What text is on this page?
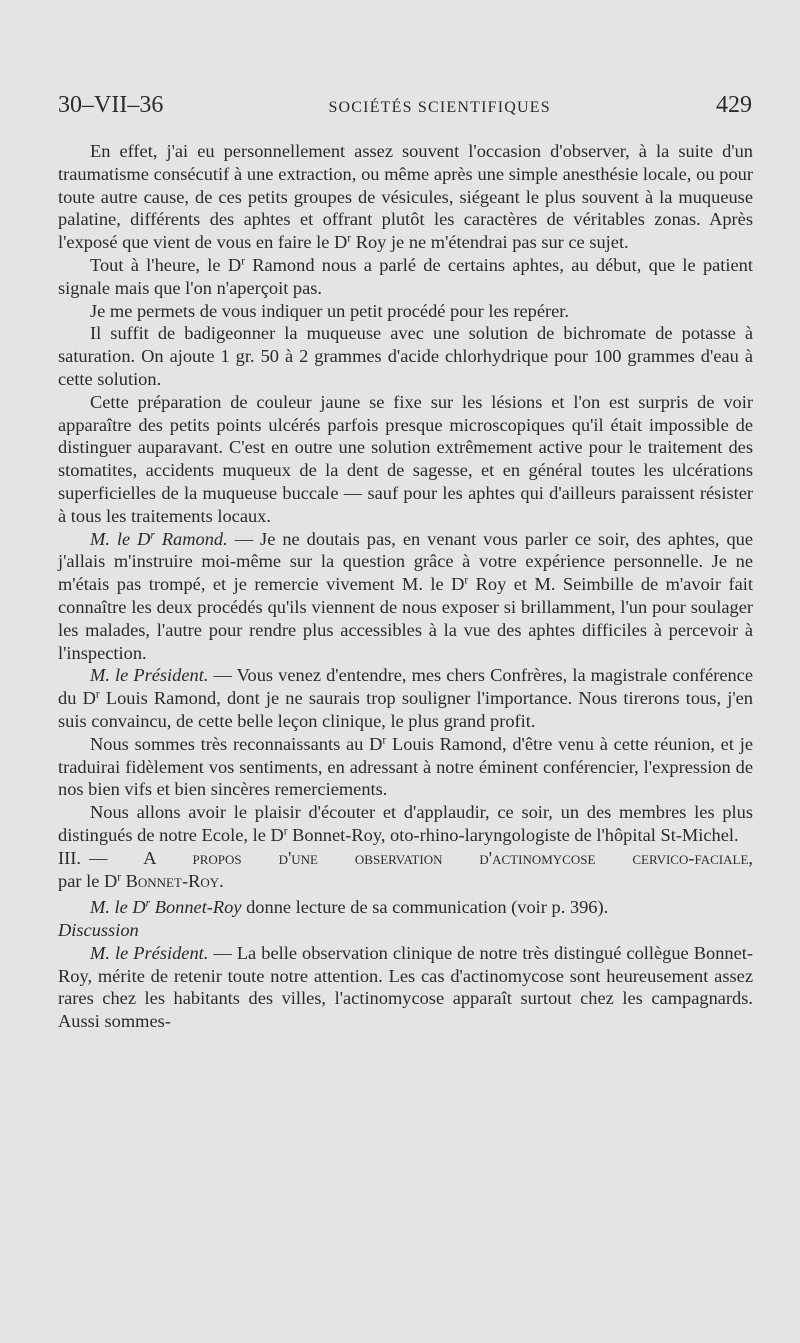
30–VII–36	SOCIÉTÉS SCIENTIFIQUES	429

En effet, j'ai eu personnellement assez souvent l'occasion d'observer, à la suite d'un traumatisme consécutif à une extraction, ou même après une simple anesthésie locale, ou pour toute autre cause, de ces petits groupes de vésicules, siégeant le plus souvent à la muqueuse palatine, différents des aphtes et offrant plutôt les caractères de véritables zonas. Après l'exposé que vient de vous en faire le $D^r$ Roy je ne m'étendrai pas sur ce sujet.

Tout à l'heure, le $D^r$ Ramond nous a parlé de certains aphtes, au début, que le patient signale mais que l'on n'aperçoit pas.

Je me permets de vous indiquer un petit procédé pour les repérer.

Il suffit de badigeonner la muqueuse avec une solution de bichromate de potasse à saturation. On ajoute 1 gr. 50 à 2 grammes d'acide chlorhydrique pour 100 grammes d'eau à cette solution.

Cette préparation de couleur jaune se fixe sur les lésions et l'on est surpris de voir apparaître des petits points ulcérés parfois presque microscopiques qu'il était impossible de distinguer auparavant. C'est en outre une solution extrêmement active pour le traitement des stomatites, accidents muqueux de la dent de sagesse, et en général toutes les ulcérations superficielles de la muqueuse buccale — sauf pour les aphtes qui d'ailleurs paraissent résister à tous les traitements locaux.

M. le $D^r$ Ramond. — Je ne doutais pas, en venant vous parler ce soir, des aphtes, que j'allais m'instruire moi-même sur la question grâce à votre expérience personnelle. Je ne m'étais pas trompé, et je remercie vivement M. le $D^r$ Roy et M. Seimbille de m'avoir fait connaître les deux procédés qu'ils viennent de nous exposer si brillamment, l'un pour soulager les malades, l'autre pour rendre plus accessibles à la vue des aphtes difficiles à percevoir à l'inspection.

M. le Président. — Vous venez d'entendre, mes chers Confrères, la magistrale conférence du $D^r$ Louis Ramond, dont je ne saurais trop souligner l'importance. Nous tirerons tous, j'en suis convaincu, de cette belle leçon clinique, le plus grand profit.

Nous sommes très reconnaissants au $D^r$ Louis Ramond, d'être venu à cette réunion, et je traduirai fidèlement vos sentiments, en adressant à notre éminent conférencier, l'expression de nos bien vifs et bien sincères remerciements.

Nous allons avoir le plaisir d'écouter et d'applaudir, ce soir, un des membres les plus distingués de notre Ecole, le $D^r$ Bonnet-Roy, oto-rhino-laryngologiste de l'hôpital St-Michel.

III. — A propos d'une observation d'actinomycose cervico-faciale,

par le $D^r$ Bonnet-Roy.

M. le $D^r$ Bonnet-Roy donne lecture de sa communication (voir p. 396).

Discussion

M. le Président. — La belle observation clinique de notre très distingué collègue Bonnet-Roy, mérite de retenir toute notre attention. Les cas d'actinomycose sont heureusement assez rares chez les habitants des villes, l'actinomycose apparaît surtout chez les campagnards. Aussi sommes-
